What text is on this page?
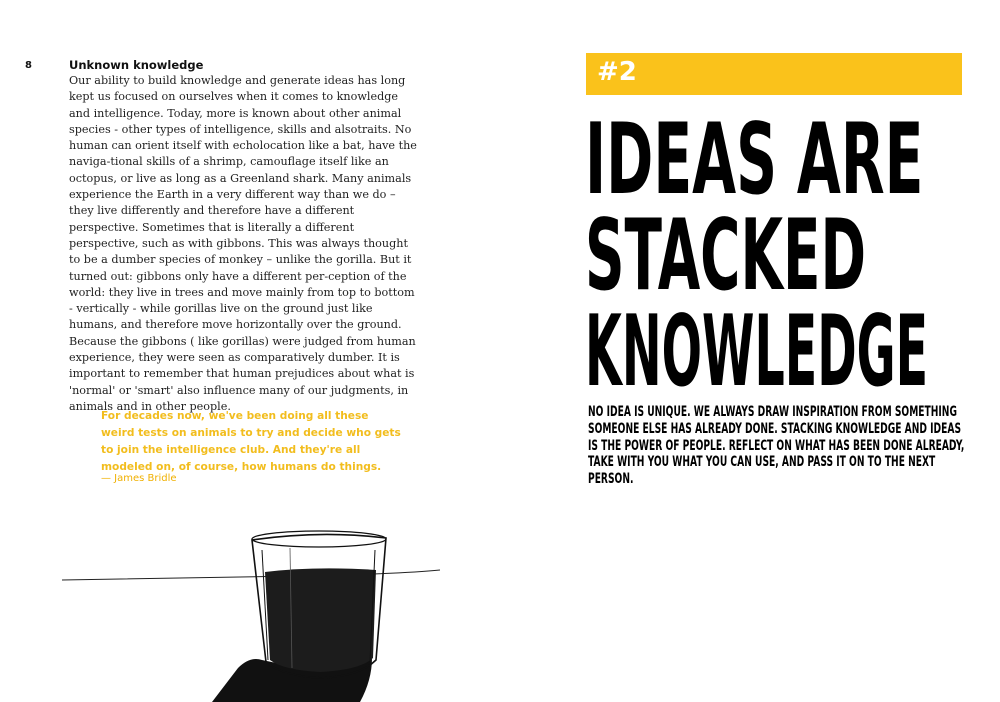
8	Unknown knowledge

Our ability to build knowledge and generate ideas has long kept us focused on ourselves when it comes to knowledge and intelligence. Today, more is known about other animal species - other types of intelligence, skills and alsotraits. No human can orient itself with echolocation like a bat, have the naviga-tional skills of a shrimp, camouflage itself like an octopus, or live as long as a Greenland shark. Many animals experience the Earth in a very different way than we do – they live differently and therefore have a different perspective. Sometimes that is literally a different perspective, such as with gibbons. This was always thought to be a dumber species of monkey – unlike the gorilla. But it turned out: gibbons only have a different per-ception of the world: they live in trees and move mainly from top to bottom - vertically - while gorillas live on the ground just like humans, and therefore move horizontally over the ground. Because the gibbons ( like gorillas) were judged from human experience, they were seen as comparatively dumber. It is important to remember that human prejudices about what is 'normal' or 'smart' also influence many of our judgments, in animals and in other people.

For decades now, we've been doing all these weird tests on animals to try and decide who gets to join the intelligence club. And they're all modeled on, of course, how humans do things.

— James Bridle
#2
IDEAS ARE
STACKED
KNOWLEDGE

NO IDEA IS UNIQUE. WE ALWAYS DRAW INSPIRATION FROM SOMETHING SOMEONE ELSE HAS ALREADY DONE. STACKING KNOWLEDGE AND IDEAS IS THE POWER OF PEOPLE. REFLECT ON WHAT HAS BEEN DONE ALREADY, TAKE WITH YOU WHAT YOU CAN USE, AND PASS IT ON TO THE NEXT PERSON.
